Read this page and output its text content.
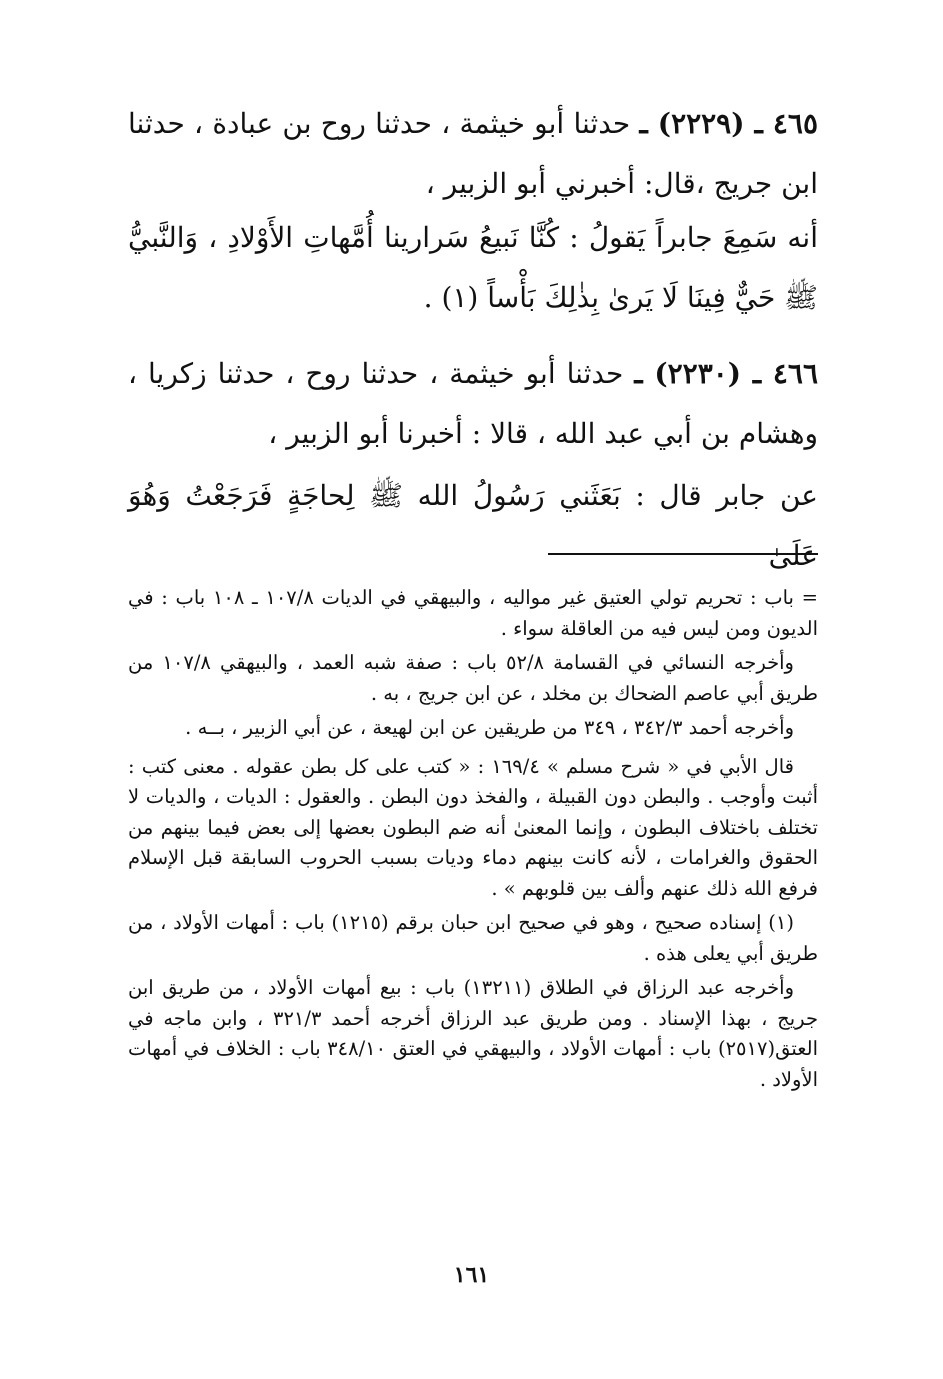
٤٦٥ ـ (٢٢٢٩) ـ حدثنا أبو خيثمة ، حدثنا روح بن عبادة ، حدثنا ابن جريج ،قال: أخبرني أبو الزبير ،

أنه سَمِعَ جابراً يَقولُ : كُنَّا نَبيعُ سَرارينا أُمَّهاتِ الأَوْلادِ ، وَالنَّبيُّ ﷺ حَيٌّ فِينَا لَا يَرىٰ بِذٰلِكَ بَأْساً (١) .

٤٦٦ ـ (٢٢٣٠) ـ حدثنا أبو خيثمة ، حدثنا روح ، حدثنا زكريا ، وهشام بن أبي عبد الله ، قالا : أخبرنا أبو الزبير ،

عن جابر قال : بَعَثَني رَسُولُ الله ﷺ لِحاجَةٍ فَرَجَعْتُ وَهُوَ عَلَىٰ

= باب : تحريم تولي العتيق غير مواليه ، والبيهقي في الديات ١٠٧/٨ ـ ١٠٨ باب : في الديون ومن ليس فيه من العاقلة سواء .

وأخرجه النسائي في القسامة ٥٢/٨ باب : صفة شبه العمد ، والبيهقي ١٠٧/٨ من طريق أبي عاصم الضحاك بن مخلد ، عن ابن جريج ، به .

وأخرجه أحمد ٣٤٢/٣ ، ٣٤٩ من طريقين عن ابن لهيعة ، عن أبي الزبير ، بــه .

قال الأبي في « شرح مسلم » ١٦٩/٤ : « كتب على كل بطن عقوله . معنى كتب : أثبت وأوجب . والبطن دون القبيلة ، والفخذ دون البطن . والعقول : الديات ، والديات لا تختلف باختلاف البطون ، وإنما المعنىٰ أنه ضم البطون بعضها إلى بعض فيما بينهم من الحقوق والغرامات ، لأنه كانت بينهم دماء وديات بسبب الحروب السابقة قبل الإسلام فرفع الله ذلك عنهم وألف بين قلوبهم » .

(١) إسناده صحيح ، وهو في صحيح ابن حبان برقم (١٢١٥) باب : أمهات الأولاد ، من طريق أبي يعلى هذه .

وأخرجه عبد الرزاق في الطلاق (١٣٢١١) باب : بيع أمهات الأولاد ، من طريق ابن جريج ، بهذا الإسناد . ومن طريق عبد الرزاق أخرجه أحمد ٣٢١/٣ ، وابن ماجه في العتق(٢٥١٧) باب : أمهات الأولاد ، والبيهقي في العتق ٣٤٨/١٠ باب : الخلاف في أمهات الأولاد .

١٦١
